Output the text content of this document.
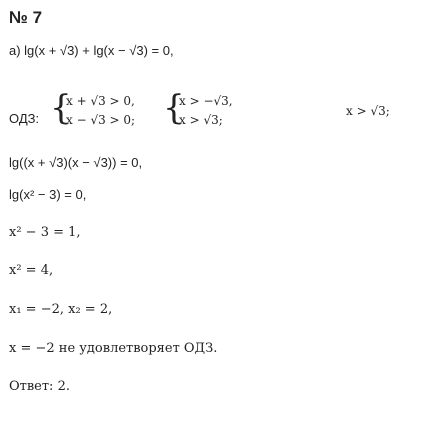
№ 7
a) lg(x + √3) + lg(x − √3) = 0,
ОДЗ: {
x + √3 > 0,
x − √3 > 0; {
x > −√3,
x > √3;
x > √3;
lg((x + √3)(x − √3)) = 0,
lg(x² − 3) = 0,
x² − 3 = 1,
x² = 4,
x₁ = −2, x₂ = 2,
x = −2 не удовлетворяет ОДЗ.
Ответ: 2.
